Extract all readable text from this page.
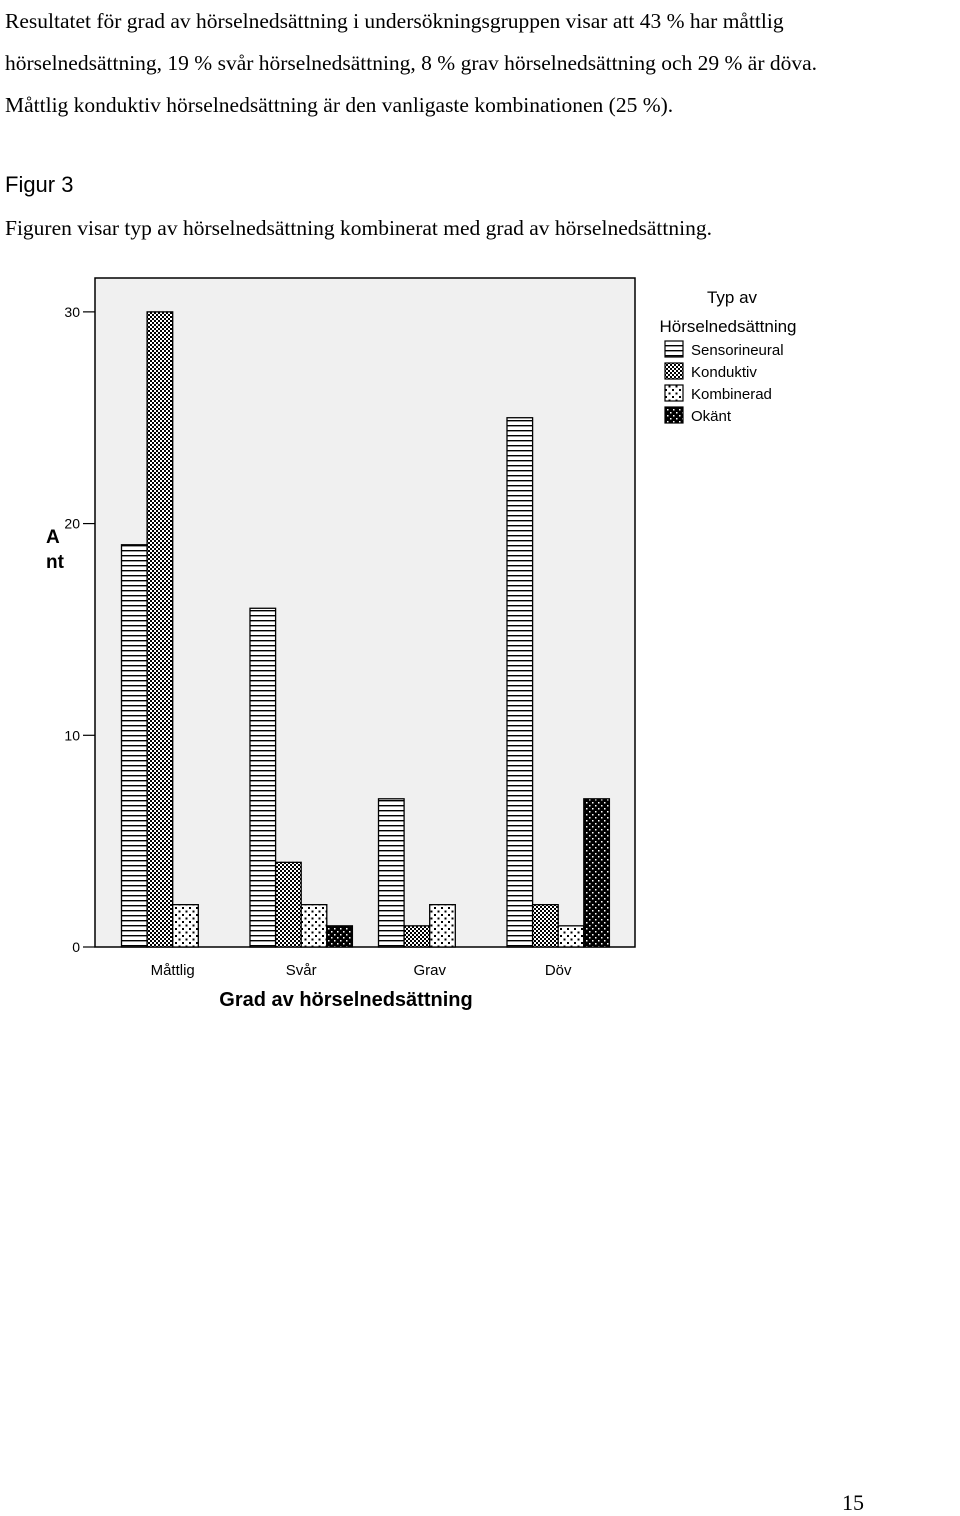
Resultatet för grad av hörselnedsättning i undersökningsgruppen visar att 43 % har måttlig

hörselnedsättning, 19 % svår hörselnedsättning, 8 % grav hörselnedsättning och 29 % är döva.

Måttlig konduktiv hörselnedsättning är den vanligaste kombinationen (25 %).

Figur 3
Figuren visar typ av hörselnedsättning kombinerat med grad av hörselnedsättning.
0
10
20
30
Måttlig	Svår	Grav	Döv
Grad av hörselnedsättning
A
nt
Typ av
Hörselnedsättning
Sensorineural
Konduktiv
Kombinerad
Okänt
15
